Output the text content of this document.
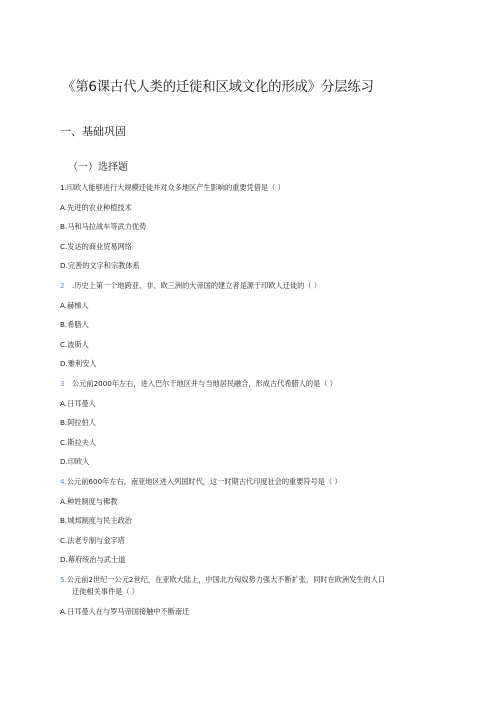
《第6课古代人类的迁徙和区域文化的形成》分层练习
一、基础巩固
（一）选择题
1.印欧人能够进行大规模迁徙并对众多地区产生影响的重要凭借是（ ）
A.先进的农业种植技术
B.马和马拉战车等武力优势
C.发达的商业贸易网络
D.完善的文字和宗教体系
2 .历史上第一个地跨亚、非、欧三洲的大帝国的建立者是源于印欧人迁徙的（ ）
A.赫梯人
B.希腊人
C.波斯人
D.雅利安人
3 公元前2000年左右，进入巴尔干地区并与当地居民融合，形成古代希腊人的是（ ）
A.日耳曼人
B.阿拉伯人
C.斯拉夫人
D.印欧人
4.公元前600年左右，南亚地区进入列国时代，这一时期古代印度社会的重要符号是（ ）
A.种姓制度与佛教
B.城邦制度与民主政治
C.法老专制与金字塔
D.幕府统治与武士道
5.公元前2世纪一公元2世纪，在亚欧大陆上，中国北方匈奴势力强大不断扩张，同时在欧洲发生的人口
迁徙相关事件是（ ）
A.日耳曼人在与罗马帝国接触中不断南迁
